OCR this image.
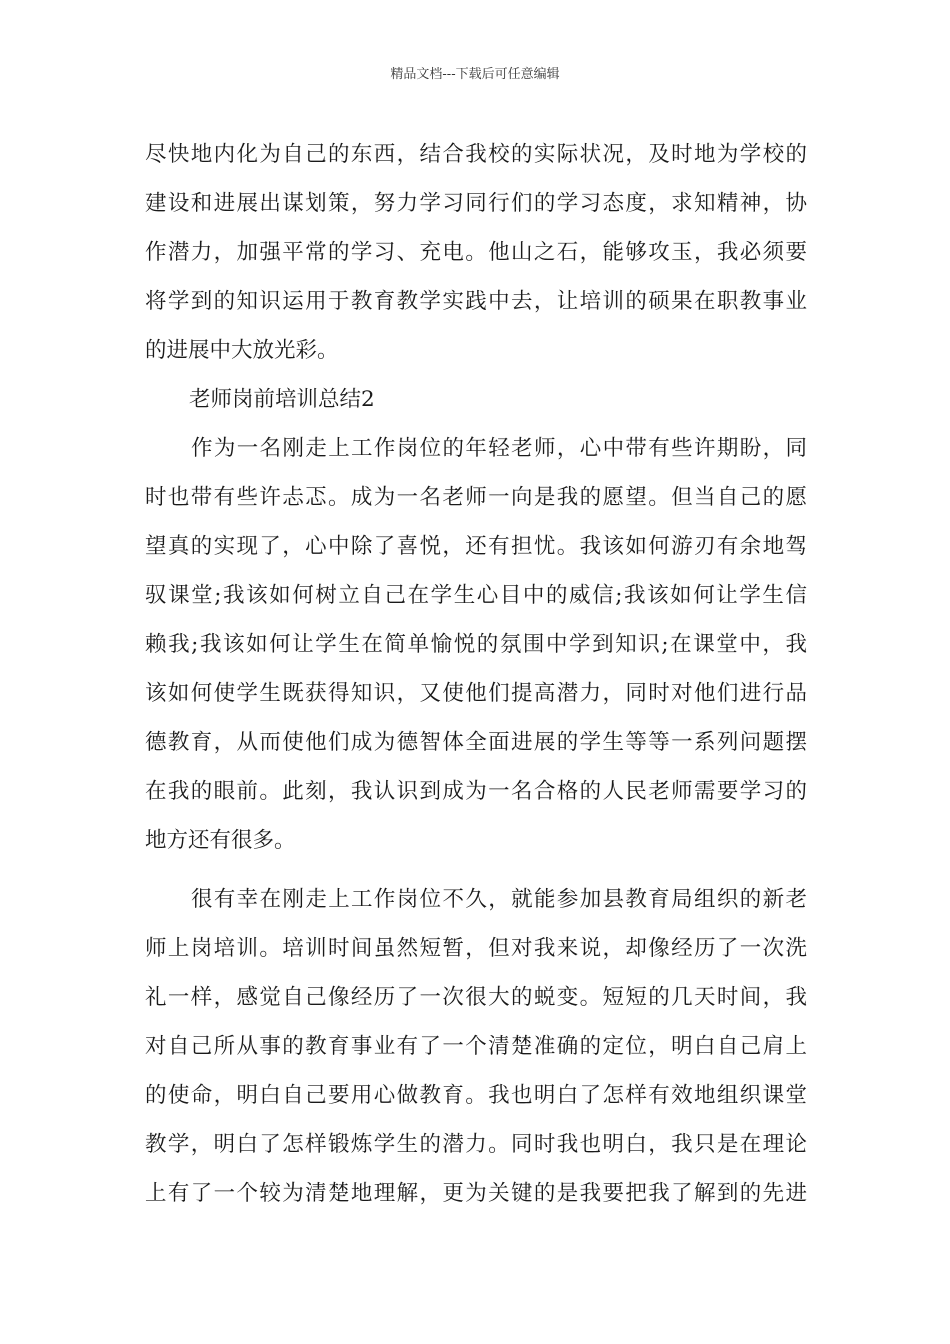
精品文档---下载后可任意编辑
尽快地内化为自己的东西，结合我校的实际状况，及时地为学校的
建设和进展出谋划策，努力学习同行们的学习态度，求知精神，协
作潜力，加强平常的学习、充电。他山之石，能够攻玉，我必须要
将学到的知识运用于教育教学实践中去，让培训的硕果在职教事业
的进展中大放光彩。
老师岗前培训总结2
作为一名刚走上工作岗位的年轻老师，心中带有些许期盼，同
时也带有些许忐忑。成为一名老师一向是我的愿望。但当自己的愿
望真的实现了，心中除了喜悦，还有担忧。我该如何游刃有余地驾
驭课堂;我该如何树立自己在学生心目中的威信;我该如何让学生信
赖我;我该如何让学生在简单愉悦的氛围中学到知识;在课堂中，我
该如何使学生既获得知识，又使他们提高潜力，同时对他们进行品
德教育，从而使他们成为德智体全面进展的学生等等一系列问题摆
在我的眼前。此刻，我认识到成为一名合格的人民老师需要学习的
地方还有很多。
很有幸在刚走上工作岗位不久，就能参加县教育局组织的新老
师上岗培训。培训时间虽然短暂，但对我来说，却像经历了一次洗
礼一样，感觉自己像经历了一次很大的蜕变。短短的几天时间，我
对自己所从事的教育事业有了一个清楚准确的定位，明白自己肩上
的使命，明白自己要用心做教育。我也明白了怎样有效地组织课堂
教学，明白了怎样锻炼学生的潜力。同时我也明白，我只是在理论
上有了一个较为清楚地理解，更为关键的是我要把我了解到的先进
